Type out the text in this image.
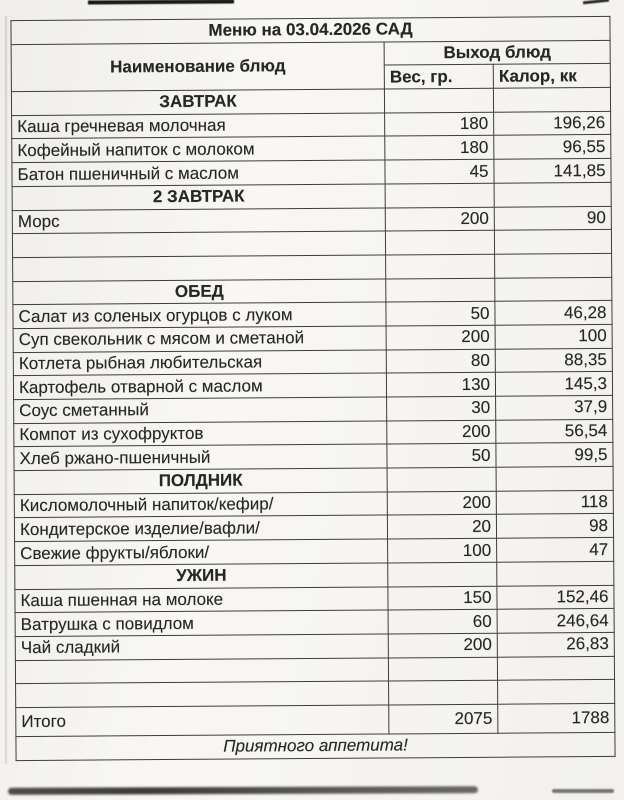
Меню на 03.04.2026 САД		
Наименование блюд	Выход блюд	
	Вес, гр.	Калор, кк
ЗАВТРАК		
Каша гречневая молочная	180	196,26
Кофейный напиток с молоком	180	96,55
Батон пшеничный с маслом	45	141,85
2 ЗАВТРАК		
Морс	200	90

ОБЕД		
Салат из соленых огурцов с луком	50	46,28
Суп свекольник с мясом и сметаной	200	100
Котлета рыбная любительская	80	88,35
Картофель отварной с маслом	130	145,3
Соус сметанный	30	37,9
Компот из сухофруктов	200	56,54
Хлеб ржано-пшеничный	50	99,5
ПОЛДНИК		
Кисломолочный напиток/кефир/	200	118
Кондитерское изделие/вафли/	20	98
Свежие фрукты/яблоки/	100	47
УЖИН		
Каша пшенная на молоке	150	152,46
Ватрушка с повидлом	60	246,64
Чай сладкий	200	26,83

Итого	2075	1788
Приятного аппетита!		
